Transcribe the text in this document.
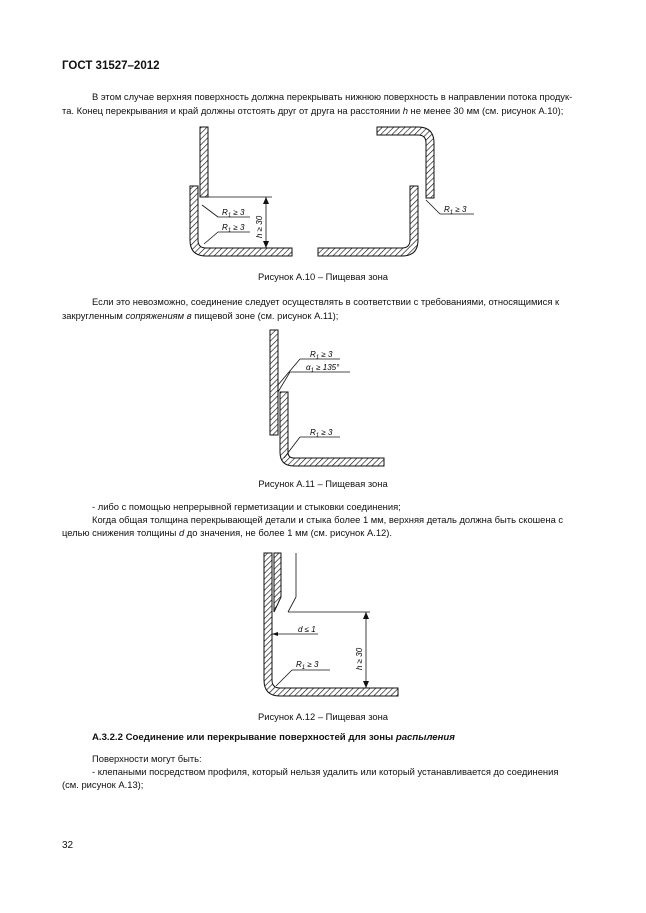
$R_1 \ge 3$
$R_1 \ge 3$ h ≥ 30
$R_1 \ge 3$
$R_1 \ge 3$
$\alpha_1 \ge 135^\circ$
$R_1 \ge 3$
d ≤ 1
$R_1 \ge 3$	h ≥ 30
ГОСТ 31527–2012
В этом случае верхняя поверхность должна перекрывать нижнюю поверхность в направлении потока продук-
та. Конец перекрывания и край должны отстоять друг от друга на расстоянии h не менее 30 мм (см. рисунок А.10);
Рисунок А.10 – Пищевая зона
Если это невозможно, соединение следует осуществлять в соответствии с требованиями, относящимися к
закругленным сопряжениям в пищевой зоне (см. рисунок А.11);
Рисунок А.11 – Пищевая зона
- либо с помощью непрерывной герметизации и стыковки соединения;
Когда общая толщина перекрывающей детали и стыка более 1 мм, верхняя деталь должна быть скошена с
целью снижения толщины d до значения, не более 1 мм (см. рисунок А.12).
Рисунок А.12 – Пищевая зона
А.3.2.2 Соединение или перекрывание поверхностей для зоны распыления
Поверхности могут быть:
- клепаными посредством профиля, который нельзя удалить или который устанавливается до соединения
(см. рисунок А.13);
32
